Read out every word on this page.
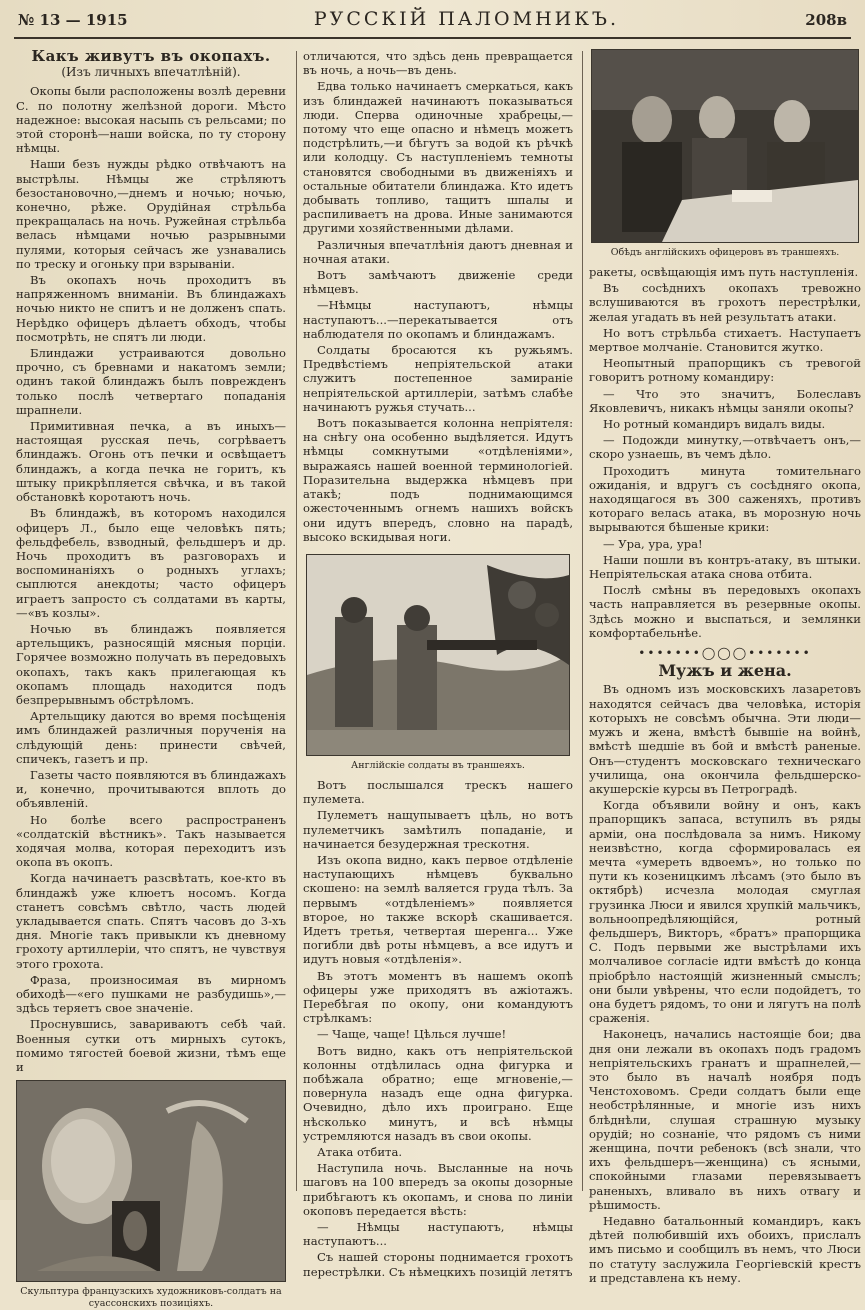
№ 13 — 1915	РУССКІЙ ПАЛОМНИКЪ.	208в
Какъ живутъ въ окопахъ.
(Изъ личныхъ впечатлѣній).

Окопы были расположены возлѣ деревни С. по полотну желѣзной дороги. Мѣсто надежное: высокая насыпь съ рельсами; по этой сторонѣ—наши войска, по ту сторону нѣмцы.

Наши безъ нужды рѣдко отвѣчаютъ на выстрѣлы. Нѣмцы же стрѣляютъ безостановочно,—днемъ и ночью; ночью, конечно, рѣже. Орудійная стрѣльба прекращалась на ночь. Ружейная стрѣльба велась нѣмцами ночью разрывными пулями, которыя сейчасъ же узнавались по треску и огоньку при взрываніи.

Въ окопахъ ночь проходитъ въ напряженномъ вниманіи. Въ блиндажахъ ночью никто не спитъ и не долженъ спать. Нерѣдко офицеръ дѣлаетъ обходъ, чтобы посмотрѣть, не спятъ ли люди.

Блиндажи устраиваются довольно прочно, съ бревнами и накатомъ земли; одинъ такой блиндажъ былъ поврежденъ только послѣ четвертаго попаданія шрапнели.

Примитивная печка, а въ иныхъ—настоящая русская печь, согрѣваетъ блиндажъ. Огонь отъ печки и освѣщаетъ блиндажъ, а когда печка не горитъ, къ штыку прикрѣпляется свѣчка, и въ такой обстановкѣ коротаютъ ночь.

Въ блиндажѣ, въ которомъ находился офицеръ Л., было еще человѣкъ пять; фельдфебель, взводный, фельдшеръ и др. Ночь проходитъ въ разговорахъ и воспоминаніяхъ о родныхъ углахъ; сыплются анекдоты; часто офицеръ играетъ запросто съ солдатами въ карты,—«въ козлы».

Ночью въ блиндажъ появляется артельщикъ, разносящій мясныя порціи. Горячее возможно получать въ передовыхъ окопахъ, такъ какъ прилегающая къ окопамъ площадь находится подъ безпрерывнымъ обстрѣломъ.

Артельщику даются во время посѣщенія имъ блиндажей различныя порученія на слѣдующій день: принести свѣчей, спичекъ, газетъ и пр.

Газеты часто появляются въ блиндажахъ и, конечно, прочитываются вплоть до объявленій.

Но болѣе всего распространенъ «солдатскій вѣстникъ». Такъ называется ходячая молва, которая переходитъ изъ окопа въ окопъ.

Когда начинаетъ разсвѣтать, кое-кто въ блиндажѣ уже клюетъ носомъ. Когда станетъ совсѣмъ свѣтло, часть людей укладывается спать. Спятъ часовъ до 3-хъ дня. Многіе такъ привыкли къ дневному грохоту артиллеріи, что спятъ, не чувствуя этого грохота.

Фраза, произносимая въ мирномъ обиходѣ—«его пушками не разбудишь»,—здѣсь теряетъ свое значеніе.

Проснувшись, завариваютъ себѣ чай. Военныя сутки отъ мирныхъ сутокъ, помимо тягостей боевой жизни, тѣмъ еще и

Скульптура французскихъ художниковъ-солдатъ на суассонскихъ позиціяхъ.

отличаются, что здѣсь день превращается въ ночь, а ночь—въ день.

Едва только начинаетъ смеркаться, какъ изъ блиндажей начинаютъ показываться люди. Сперва одиночные храбрецы,—потому что еще опасно и нѣмецъ можетъ подстрѣлить,—и бѣгутъ за водой къ рѣчкѣ или колодцу. Съ наступленіемъ темноты становятся свободными въ движеніяхъ и остальные обитатели блиндажа. Кто идетъ добывать топливо, тащитъ шпалы и распиливаетъ на дрова. Иные занимаются другими хозяйственными дѣлами.

Различныя впечатлѣнія даютъ дневная и ночная атаки.

Вотъ замѣчаютъ движеніе среди нѣмцевъ.

—Нѣмцы наступаютъ, нѣмцы наступаютъ...—перекатывается отъ наблюдателя по окопамъ и блиндажамъ.

Солдаты бросаются къ ружьямъ. Предвѣстіемъ непріятельской атаки служитъ постепенное замираніе непріятельской артиллеріи, затѣмъ слабѣе начинаютъ ружья стучать...

Вотъ показывается колонна непріятеля: на снѣгу она особенно выдѣляется. Идутъ нѣмцы сомкнутыми «отдѣленіями», выражаясь нашей военной терминологіей. Поразительна выдержка нѣмцевъ при атакѣ; подъ поднимающимся ожесточеннымъ огнемъ нашихъ войскъ они идутъ впередъ, словно на парадѣ, высоко вскидывая ноги.

Англійскіе солдаты въ траншеяхъ.

Вотъ послышался трескъ нашего пулемета.

Пулеметъ нащупываетъ цѣль, но вотъ пулеметчикъ замѣтилъ попаданіе, и начинается безудержная трескотня.

Изъ окопа видно, какъ первое отдѣленіе наступающихъ нѣмцевъ буквально скошено: на землѣ валяется груда тѣлъ. За первымъ «отдѣленіемъ» появляется второе, но также вскорѣ скашивается. Идетъ третья, четвертая шеренга... Уже погибли двѣ роты нѣмцевъ, а все идутъ и идутъ новыя «отдѣленія».

Въ этотъ моментъ въ нашемъ окопѣ офицеры уже приходятъ въ ажіотажъ. Перебѣгая по окопу, они командуютъ стрѣлкамъ:

— Чаще, чаще! Цѣлься лучше!

Вотъ видно, какъ отъ непріятельской колонны отдѣлилась одна фигурка и побѣжала обратно; еще мгновеніе,—повернула назадъ еще одна фигурка. Очевидно, дѣло ихъ проиграно. Еще нѣсколько минутъ, и всѣ нѣмцы устремляются назадъ въ свои окопы.

Атака отбита.

Наступила ночь. Высланные на ночь шаговъ на 100 впередъ за окопы дозорные прибѣгаютъ къ окопамъ, и снова по линіи окоповъ передается вѣсть:

— Нѣмцы наступаютъ, нѣмцы наступаютъ...

Съ нашей стороны поднимается грохотъ перестрѣлки. Съ нѣмецкихъ позицій летятъ

Обѣдъ англійскихъ офицеровъ въ траншеяхъ.

ракеты, освѣщающія имъ путь наступленія.

Въ сосѣднихъ окопахъ тревожно вслушиваются въ грохотъ перестрѣлки, желая угадать въ ней результатъ атаки.

Но вотъ стрѣльба стихаетъ. Наступаетъ мертвое молчаніе. Становится жутко.

Неопытный прапорщикъ съ тревогой говоритъ ротному командиру:

— Что это значитъ, Болеславъ Яковлевичъ, никакъ нѣмцы заняли окопы?

Но ротный командиръ видалъ виды.

— Подожди минутку,—отвѣчаетъ онъ,—скоро узнаешь, въ чемъ дѣло.

Проходитъ минута томительнаго ожиданія, и вдругъ съ сосѣдняго окопа, находящагося въ 300 саженяхъ, противъ котораго велась атака, въ морозную ночь вырываются бѣшеные крики:

— Ура, ура, ура!

Наши пошли въ контръ-атаку, въ штыки. Непріятельская атака снова отбита.

Послѣ смѣны въ передовыхъ окопахъ часть направляется въ резервные окопы. Здѣсь можно и выспаться, и землянки комфортабельнѣе.

•••••••◯◯◯•••••••
Мужъ и жена.

Въ одномъ изъ московскихъ лазаретовъ находятся сейчасъ два человѣка, исторія которыхъ не совсѣмъ обычна. Эти люди—мужъ и жена, вмѣстѣ бывшіе на войнѣ, вмѣстѣ шедшіе въ бой и вмѣстѣ раненые. Онъ—студентъ московскаго техническаго училища, она окончила фельдшерско-акушерскіе курсы въ Петроградѣ.

Когда объявили войну и онъ, какъ прапорщикъ запаса, вступилъ въ ряды арміи, она послѣдовала за нимъ. Никому неизвѣстно, когда сформировалась ея мечта «умереть вдвоемъ», но только по пути къ козеницкимъ лѣсамъ (это было въ октябрѣ) исчезла молодая смуглая грузинка Люси и явился хрупкій мальчикъ, вольноопредѣляющійся, ротный фельдшеръ, Викторъ, «братъ» прапорщика С. Подъ первыми же выстрѣлами ихъ молчаливое согласіе идти вмѣстѣ до конца пріобрѣло настоящій жизненный смыслъ; они были увѣрены, что если подойдетъ, то она будетъ рядомъ, то они и лягутъ на полѣ сраженія.

Наконецъ, начались настоящіе бои; два дня они лежали въ окопахъ подъ градомъ непріятельскихъ гранатъ и шрапнелей,—это было въ началѣ ноября подъ Ченстоховомъ. Среди солдатъ были еще необстрѣлянные, и многіе изъ нихъ блѣднѣли, слушая страшную музыку орудій; но сознаніе, что рядомъ съ ними женщина, почти ребенокъ (всѣ знали, что ихъ фельдшеръ—женщина) съ ясными, спокойными глазами перевязываетъ раненыхъ, вливало въ нихъ отвагу и рѣшимость.

Недавно батальонный командиръ, какъ дѣтей полюбившій ихъ обоихъ, прислалъ имъ письмо и сообщилъ въ немъ, что Люси по статуту заслужила Георгіевскій крестъ и представлена къ нему.
